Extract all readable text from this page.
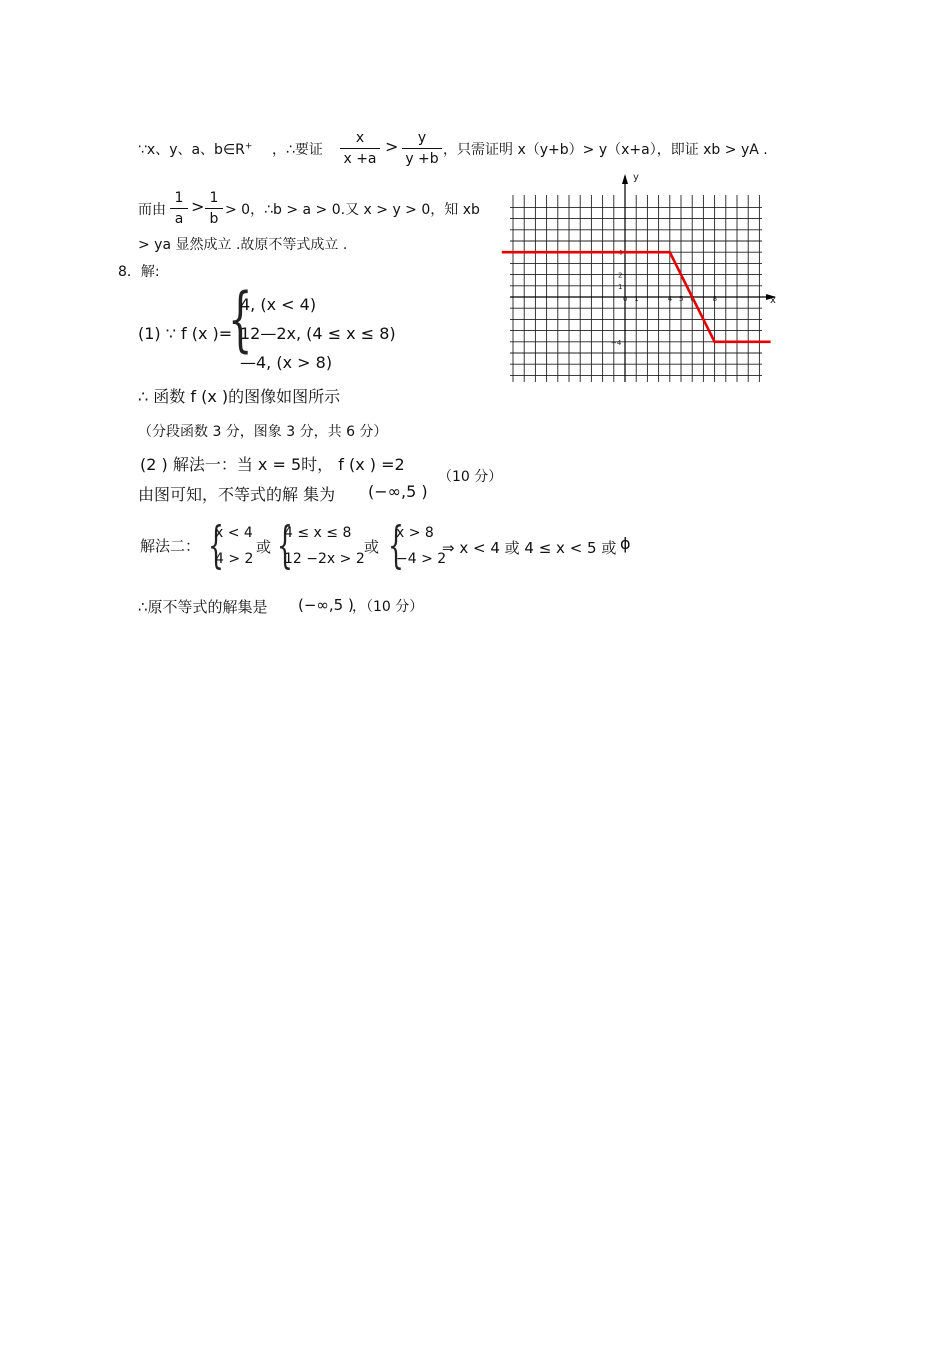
∵x、y、a、b∈R+ ，∴要证
x
x +a
>	y
y +b
，只需证明 x（y+b）> y（x+a），即证 xb > yA .
而由
1
a
> 1
b
> 0，∴b > a > 0.又 x > y > 0，知 xb
> ya 显然成立 .故原不等式成立 .
8．解:
(1) ∵ f (x )=
{
4, (x < 4)
12—2x, (4 ≤ x ≤ 8)
—4, (x > 8)
∴ 函数 f (x )的图像如图所示
（分段函数 3 分，图象 3 分，共 6 分）
(2 ) 解法一：当 x = 5时， f (x ) =2
（10 分）
由图可知，不等式的解 集为 (−∞,5 )
解法二： {
x < 4
4 > 2
或 {
4 ≤ x ≤ 8
12 −2x > 2
或 {
x > 8
−4 > 2
⇒ x < 4 或 4 ≤ x < 5 或 ϕ
∴原不等式的解集是 (−∞,5 )
，（10 分）
y
x
0 1	4 5 6	8
4
2
1
−4
